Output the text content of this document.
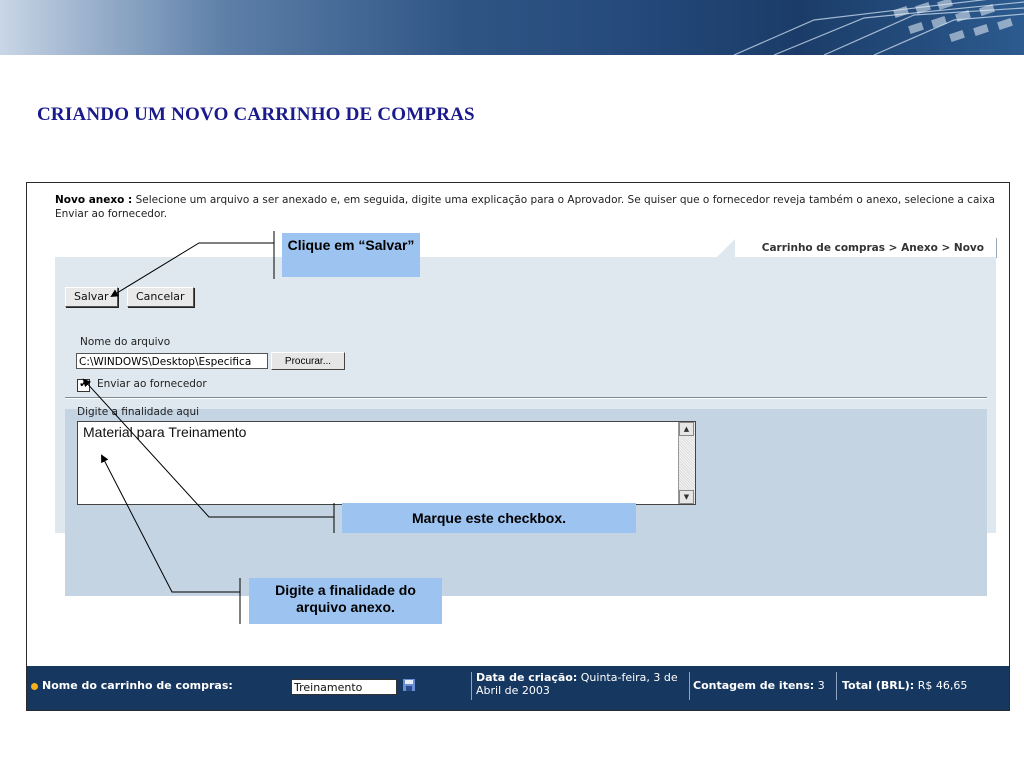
CRIANDO UM NOVO CARRINHO DE COMPRAS
Novo anexo : Selecione um arquivo a ser anexado e, em seguida, digite uma explicação para o Aprovador. Se quiser que o fornecedor reveja também o anexo, selecione a caixa Enviar ao fornecedor.
Salvar	Cancelar
Carrinho de compras > Anexo > Novo
Nome do arquivo
C:\WINDOWS\Desktop\Especifica	Procurar...
✔ Enviar ao fornecedor
Digite a finalidade aqui
Material para Treinamento	▲
▼
Nome do carrinho de compras:	Treinamento
Data de criação: Quinta-feira, 3 de Abril de 2003	Contagem de itens: 3 Total (BRL): R$ 46,65
Clique em “Salvar”
Marque este checkbox.
Digite a finalidade do arquivo anexo.
